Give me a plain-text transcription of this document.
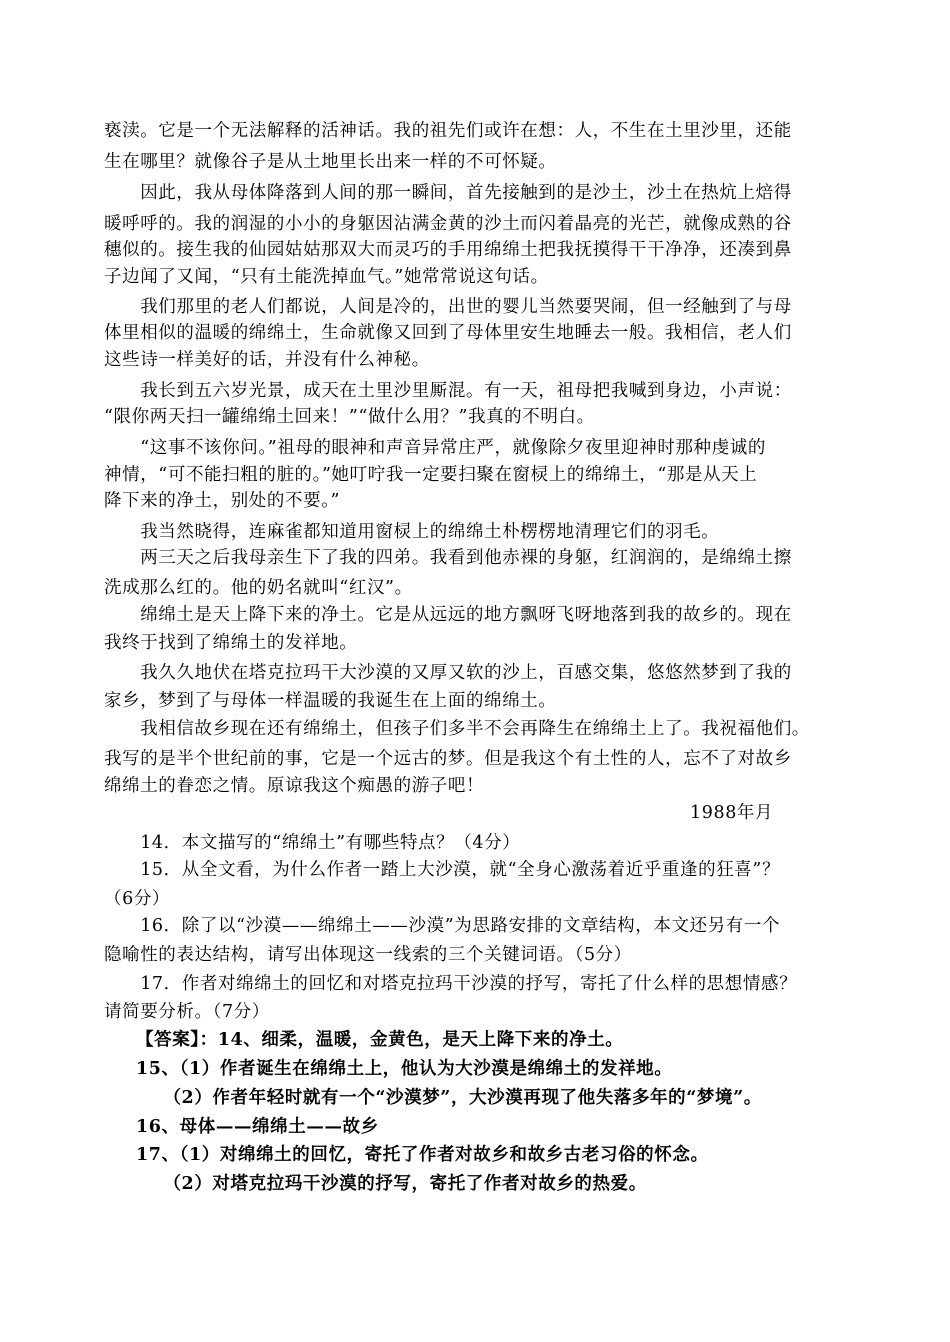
亵渎。它是一个无法解释的活神话。我的祖先们或许在想：人，不生在土里沙里，还能
生在哪里？就像谷子是从土地里长出来一样的不可怀疑。
　　因此，我从母体降落到人间的那一瞬间，首先接触到的是沙土，沙土在热炕上焙得
暖呼呼的。我的润湿的小小的身躯因沾满金黄的沙土而闪着晶亮的光芒，就像成熟的谷
穗似的。接生我的仙园姑姑那双大而灵巧的手用绵绵土把我抚摸得干干净净，还凑到鼻
子边闻了又闻，“只有土能洗掉血气。”她常常说这句话。
　　我们那里的老人们都说，人间是冷的，出世的婴儿当然要哭闹，但一经触到了与母
体里相似的温暖的绵绵土，生命就像又回到了母体里安生地睡去一般。我相信，老人们
这些诗一样美好的话，并没有什么神秘。
　　我长到五六岁光景，成天在土里沙里厮混。有一天，祖母把我喊到身边，小声说：
“限你两天扫一罐绵绵土回来！”“做什么用？”我真的不明白。
　　“这事不该你问。”祖母的眼神和声音异常庄严，就像除夕夜里迎神时那种虔诚的
神情，“可不能扫粗的脏的。”她叮咛我一定要扫聚在窗棂上的绵绵土，“那是从天上
降下来的净土，别处的不要。”
　　我当然晓得，连麻雀都知道用窗棂上的绵绵土朴楞楞地清理它们的羽毛。
　　两三天之后我母亲生下了我的四弟。我看到他赤裸的身躯，红润润的，是绵绵土擦
洗成那么红的。他的奶名就叫“红汉”。
　　绵绵土是天上降下来的净土。它是从远远的地方飘呀飞呀地落到我的故乡的。现在
我终于找到了绵绵土的发祥地。
　　我久久地伏在塔克拉玛干大沙漠的又厚又软的沙上，百感交集，悠悠然梦到了我的
家乡，梦到了与母体一样温暖的我诞生在上面的绵绵土。
　　我相信故乡现在还有绵绵土，但孩子们多半不会再降生在绵绵土上了。我祝福他们。
我写的是半个世纪前的事，它是一个远古的梦。但是我这个有土性的人，忘不了对故乡
绵绵土的眷恋之情。原谅我这个痴愚的游子吧！
1988年月
　　14．本文描写的“绵绵土”有哪些特点？（4分）
　　15．从全文看，为什么作者一踏上大沙漠，就“全身心激荡着近乎重逢的狂喜”？
（6分）
　　16．除了以“沙漠——绵绵土——沙漠”为思路安排的文章结构，本文还另有一个
隐喻性的表达结构，请写出体现这一线索的三个关键词语。（5分）
　　17．作者对绵绵土的回忆和对塔克拉玛干沙漠的抒写，寄托了什么样的思想情感？
请简要分析。（7分）
【答案】：14、细柔，温暖，金黄色，是天上降下来的净土。
15、（1）作者诞生在绵绵土上，他认为大沙漠是绵绵土的发祥地。
　　（2）作者年轻时就有一个“沙漠梦”，大沙漠再现了他失落多年的“梦境”。
16、母体——绵绵土——故乡
17、（1）对绵绵土的回忆，寄托了作者对故乡和故乡古老习俗的怀念。
　　（2）对塔克拉玛干沙漠的抒写，寄托了作者对故乡的热爱。
